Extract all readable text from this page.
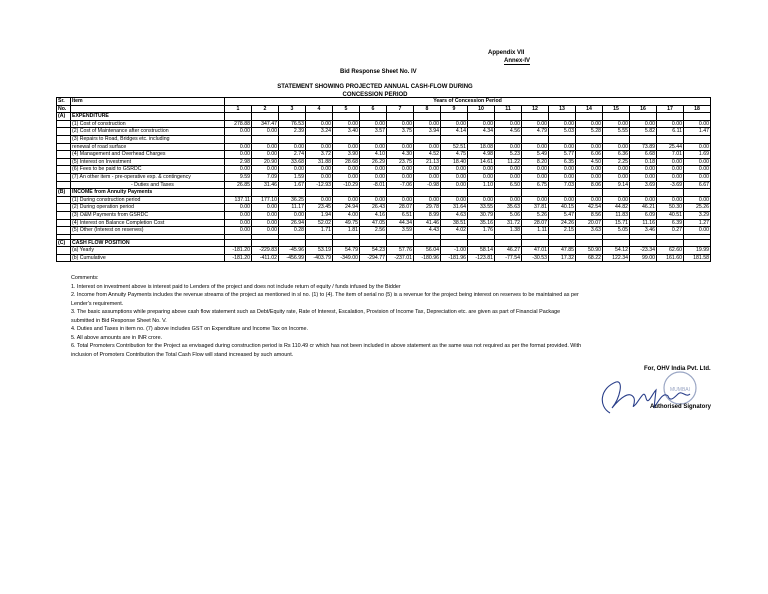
Appendix VII
Annex-IV
Bid Response Sheet No. IV
STATEMENT SHOWING PROJECTED ANNUAL CASH-FLOW DURING
CONCESSION PERIOD
Sr.	Item	Years of Concession Period																	
No.		1	2	3	4	5	6	7	8	9	10	11	12	13	14	15	16	17	18
(A)	EXPENDITURE																		
	(1) Cost of construction	278.88	347.47	76.53	0.00	0.00	0.00	0.00	0.00	0.00	0.00	0.00	0.00	0.00	0.00	0.00	0.00	0.00	0.00
	(2) Cost of Maintenance after construction	0.00	0.00	2.39	3.24	3.40	3.57	3.75	3.94	4.14	4.34	4.56	4.79	5.03	5.28	5.55	5.82	6.11	1.47
	(3) Repairs to Road, Bridges etc. including																		
	renewal of road surface	0.00	0.00	0.00	0.00	0.00	0.00	0.00	0.00	52.51	18.08	0.00	0.00	0.00	0.00	0.00	73.89	25.44	0.00
	(4) Management and Overhead Charges	0.00	0.00	2.74	3.72	3.90	4.10	4.30	4.52	4.75	4.98	5.23	5.49	5.77	6.06	6.36	6.68	7.01	1.69
	(5) Interest on Investment	2.98	20.90	33.68	31.88	28.68	26.29	23.75	21.13	18.40	14.61	11.22	8.20	6.35	4.50	2.25	0.18	0.00	0.00
	(6) Fees to be paid to GSRDC	0.00	0.00	0.00	0.00	0.00	0.00	0.00	0.00	0.00	0.00	0.00	0.00	0.00	0.00	0.00	0.00	0.00	0.00
	(7) An other item - pre-operative exp. & contingency	9.59	7.09	1.59	0.00	0.00	0.00	0.00	0.00	0.00	0.00	0.00	0.00	0.00	0.00	0.00	0.00	0.00	0.00
	- Duties and Taxes	26.85	31.46	1.67	-12.93	-10.29	-8.01	-7.06	-0.98	0.00	1.10	6.50	6.75	7.03	8.06	9.14	3.69	-3.69	6.67
(B)	INCOME from Annuity Payments																		
	(1) During construction period	137.11	177.10	36.25	0.00	0.00	0.00	0.00	0.00	0.00	0.00	0.00	0.00	0.00	0.00	0.00	0.00	0.00	0.00
	(2) During operation period	0.00	0.00	11.17	23.45	24.94	26.43	28.07	29.78	31.64	33.55	35.63	37.81	40.15	42.54	44.82	46.21	50.30	25.26
	(3) O&M Payments from GSRDC	0.00	0.00	0.00	1.94	4.00	4.16	6.51	8.99	4.63	30.79	5.06	5.26	5.47	8.56	11.83	6.09	40.51	3.29
	(4) Interest on Balance Completion Cost	0.00	0.00	26.94	52.02	49.75	47.05	44.34	41.46	38.51	35.16	31.72	28.07	24.26	20.07	15.71	11.16	6.39	1.27
	(5) Other (Interest on reserves)	0.00	0.00	0.28	1.71	1.81	2.56	3.59	4.43	4.02	1.76	1.38	1.11	2.15	3.63	5.05	3.46	0.27	0.00

(C)	CASH FLOW POSITION																		
	(a) Yearly	-181.20	-229.83	-45.96	53.19	54.79	54.23	57.76	56.04	-1.00	58.14	46.27	47.01	47.85	50.90	54.12	-23.34	62.60	19.99
	(b) Cumulative	-181.20	-411.02	-456.99	-403.79	-349.00	-294.77	-237.01	-180.96	-181.96	-123.81	-77.54	-30.53	17.32	68.22	122.34	99.00	161.60	181.58

Comments:

1. Interest on investment above is interest paid to Lenders of the project and does not include return of equity / funds infused by the Bidder

2. Income from Annuity Payments includes the revenue streams of the project as mentioned in sl no. (1) to (4). The item of serial no (5) is a revenue for the project being interest on reserves to be maintained as per

Lender's requirement.

3. The basic assumptions while preparing above cash flow statement such as Debt/Equity rate, Rate of Interest, Escalation, Provision of Income Tax, Depreciation etc. are given as part of Financial Package

submitted in Bid Response Sheet No. V.

4. Duties and Taxes in item no. (7) above includes GST on Expenditure and Income Tax on Income.

5. All above amounts are in INR crore.

6. Total Promoters Contribution for the Project as envisaged during construction period is Rs 110.49 cr which has not been included in above statement as the same was not required as per the format provided. With

inclusion of Promoters Contribution the Total Cash Flow will stand increased by such amount.

MUMBAI
For, OHV India Pvt. Ltd.
Authorised Signatory
